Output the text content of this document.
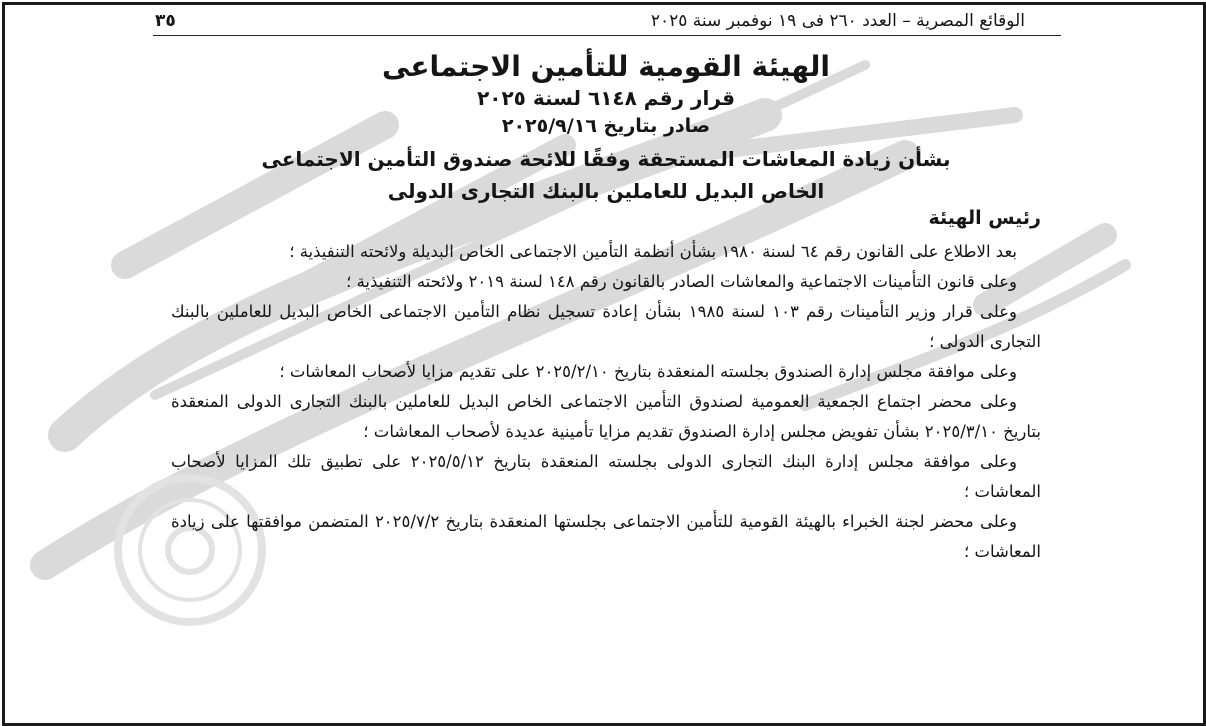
الوقائع المصرية – العدد ٢٦٠ فى ١٩ نوفمبر سنة ٢٠٢٥
٣٥
الهيئة القومية للتأمين الاجتماعى
قرار رقم ٦١٤٨ لسنة ٢٠٢٥
صادر بتاريخ ٢٠٢٥/٩/١٦
بشأن زيادة المعاشات المستحقة وفقًا للائحة صندوق التأمين الاجتماعى
الخاص البديل للعاملين بالبنك التجارى الدولى
رئيس الهيئة

بعد الاطلاع على القانون رقم ٦٤ لسنة ١٩٨٠ بشأن أنظمة التأمين الاجتماعى الخاص البديلة ولائحته التنفيذية ؛

وعلى قانون التأمينات الاجتماعية والمعاشات الصادر بالقانون رقم ١٤٨ لسنة ٢٠١٩ ولائحته التنفيذية ؛

وعلى قرار وزير التأمينات رقم ١٠٣ لسنة ١٩٨٥ بشأن إعادة تسجيل نظام التأمين الاجتماعى الخاص البديل للعاملين بالبنك التجارى الدولى ؛

وعلى موافقة مجلس إدارة الصندوق بجلسته المنعقدة بتاريخ ٢٠٢٥/٢/١٠ على تقديم مزايا لأصحاب المعاشات ؛

وعلى محضر اجتماع الجمعية العمومية لصندوق التأمين الاجتماعى الخاص البديل للعاملين بالبنك التجارى الدولى المنعقدة بتاريخ ٢٠٢٥/٣/١٠ بشأن تفويض مجلس إدارة الصندوق تقديم مزايا تأمينية عديدة لأصحاب المعاشات ؛

وعلى موافقة مجلس إدارة البنك التجارى الدولى بجلسته المنعقدة بتاريخ ٢٠٢٥/٥/١٢ على تطبيق تلك المزايا لأصحاب المعاشات ؛

وعلى محضر لجنة الخبراء بالهيئة القومية للتأمين الاجتماعى بجلستها المنعقدة بتاريخ ٢٠٢٥/٧/٢ المتضمن موافقتها على زيادة المعاشات ؛
